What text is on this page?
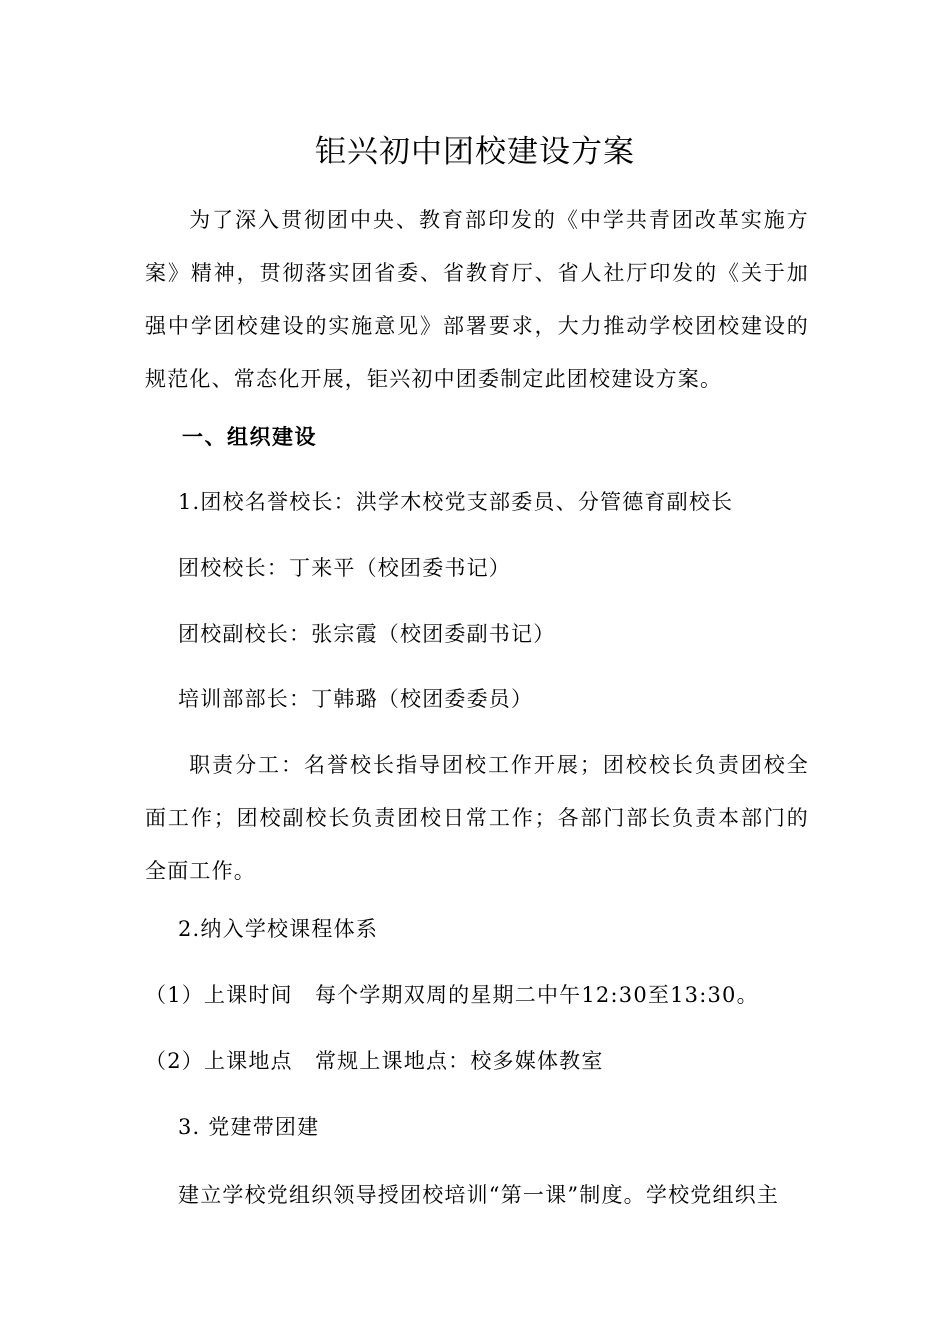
钜兴初中团校建设方案

为了深入贯彻团中央、教育部印发的《中学共青团改革实施方案》精神，贯彻落实团省委、省教育厅、省人社厅印发的《关于加强中学团校建设的实施意见》部署要求，大力推动学校团校建设的规范化、常态化开展，钜兴初中团委制定此团校建设方案。

一、组织建设
1.团校名誉校长：洪学木校党支部委员、分管德育副校长
团校校长：丁来平（校团委书记）
团校副校长：张宗霞（校团委副书记）
培训部部长：丁韩璐（校团委委员）

职责分工：名誉校长指导团校工作开展；团校校长负责团校全面工作；团校副校长负责团校日常工作；各部门部长负责本部门的全面工作。

2.纳入学校课程体系
（1）上课时间　每个学期双周的星期二中午12:30至13:30。
（2）上课地点　常规上课地点：校多媒体教室
3. 党建带团建
建立学校党组织领导授团校培训“第一课”制度。学校党组织主
